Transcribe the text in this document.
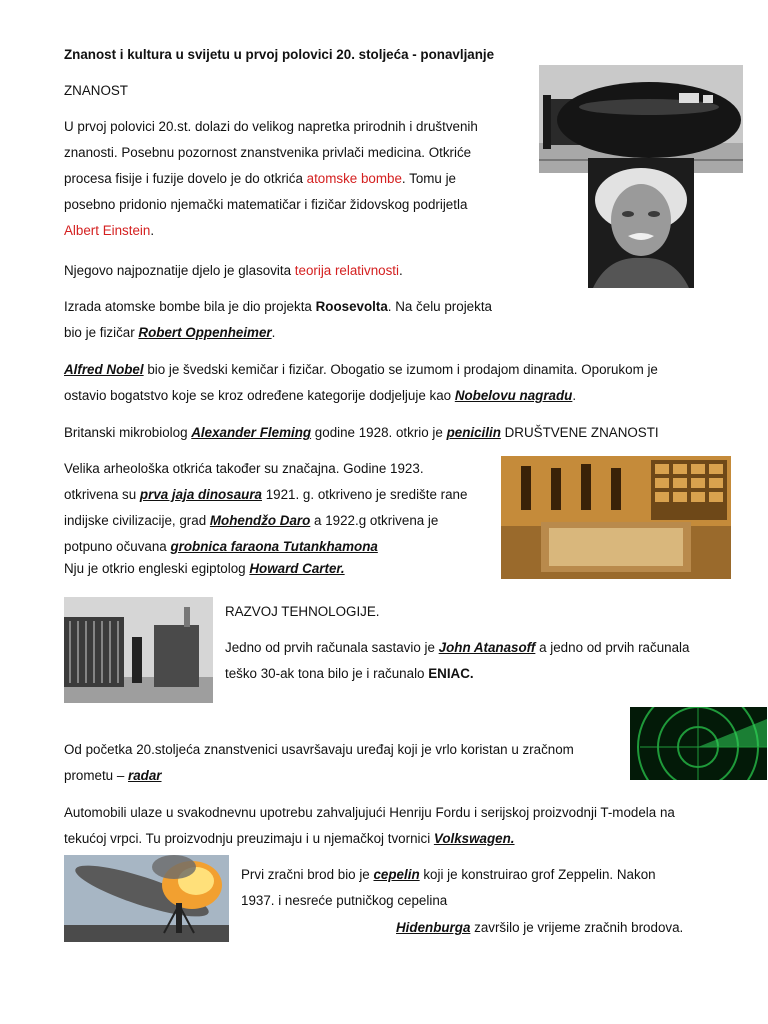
Znanost i kultura u svijetu u prvoj polovici 20. stoljeća - ponavljanje
ZNANOST
U prvoj polovici 20.st. dolazi do velikog napretka prirodnih i društvenih
znanosti. Posebnu pozornost znanstvenika privlači medicina. Otkriće
procesa fisije i fuzije dovelo je do otkrića atomske bombe. Tomu je
posebno pridonio njemački matematičar i fizičar židovskog podrijetla
Albert Einstein.
Njegovo najpoznatije djelo je glasovita teorija relativnosti.
Izrada atomske bombe bila je dio projekta Roosevolta. Na čelu projekta
bio je fizičar Robert Oppenheimer.
Alfred Nobel bio je švedski kemičar i fizičar. Obogatio se izumom i prodajom dinamita. Oporukom je
ostavio bogatstvo koje se kroz određene kategorije dodjeljuje kao Nobelovu nagradu.
Britanski mikrobiolog Alexander Fleming godine 1928. otkrio je penicilin DRUŠTVENE ZNANOSTI
Velika arheološka otkrića također su značajna. Godine 1923.
otkrivena su prva jaja dinosaura 1921. g. otkriveno je središte rane
indijske civilizacije, grad Mohendžo Daro a 1922.g otkrivena je
potpuno očuvana grobnica faraona Tutankhamona
Nju je otkrio engleski egiptolog Howard Carter.
RAZVOJ TEHNOLOGIJE.
Jedno od prvih računala sastavio je John Atanasoff a jedno od prvih računala
teško 30-ak tona bilo je i računalo ENIAC.
Od početka 20.stoljeća znanstvenici usavršavaju uređaj koji je vrlo koristan u zračnom
prometu – radar
Automobili ulaze u svakodnevnu upotrebu zahvaljujući Henriju Fordu i serijskoj proizvodnji T-modela na
tekućoj vrpci. Tu proizvodnju preuzimaju i u njemačkoj tvornici Volkswagen.
Prvi zračni brod bio je cepelin koji je konstruirao grof Zeppelin. Nakon
1937. i nesreće putničkog cepelina
Hidenburga završilo je vrijeme zračnih brodova.
